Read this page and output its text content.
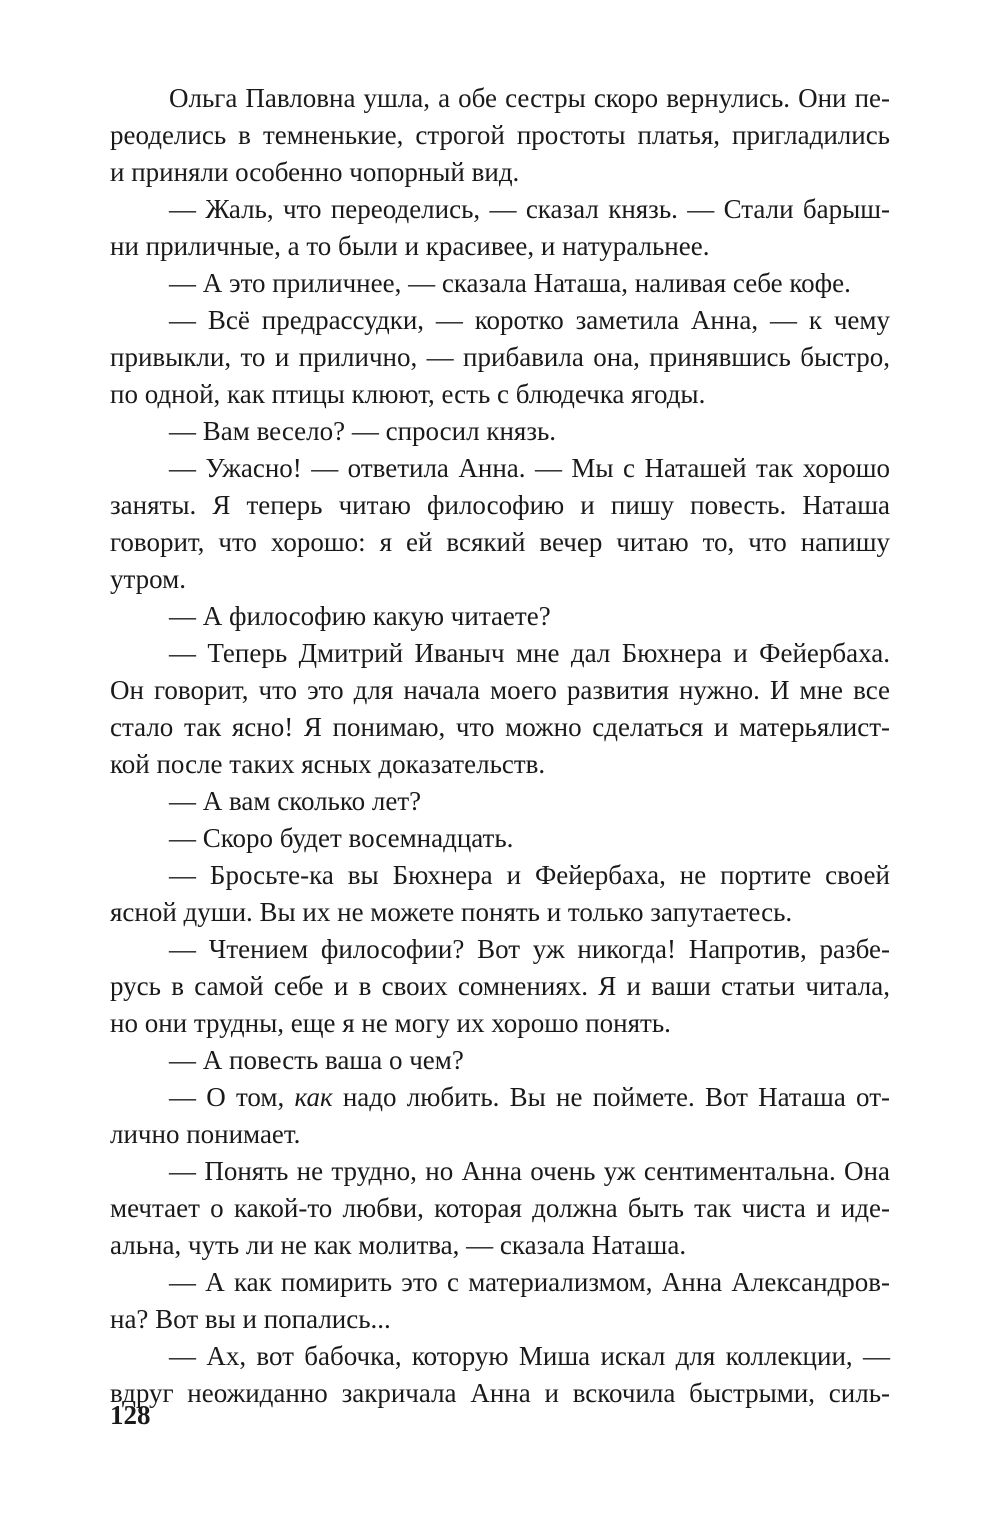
Ольга Павловна ушла, а обе сестры скоро вернулись. Они пе-
реоделись в темненькие, строгой простоты платья, пригладились
и приняли особенно чопорный вид.
— Жаль, что переоделись, — сказал князь. — Стали барыш-
ни приличные, а то были и красивее, и натуральнее.
— А это приличнее, — сказала Наташа, наливая себе кофе.
— Всё предрассудки, — коротко заметила Анна, — к чему
привыкли, то и прилично, — прибавила она, принявшись быстро,
по одной, как птицы клюют, есть с блюдечка ягоды.
— Вам весело? — спросил князь.
— Ужасно! — ответила Анна. — Мы с Наташей так хорошо
заняты. Я теперь читаю философию и пишу повесть. Наташа
говорит, что хорошо: я ей всякий вечер читаю то, что напишу
утром.
— А философию какую читаете?
— Теперь Дмитрий Иваныч мне дал Бюхнера и Фейербаха.
Он говорит, что это для начала моего развития нужно. И мне все
стало так ясно! Я понимаю, что можно сделаться и матерьялист-
кой после таких ясных доказательств.
— А вам сколько лет?
— Скоро будет восемнадцать.
— Бросьте-ка вы Бюхнера и Фейербаха, не портите своей
ясной души. Вы их не можете понять и только запутаетесь.
— Чтением философии? Вот уж никогда! Напротив, разбе-
русь в самой себе и в своих сомнениях. Я и ваши статьи читала,
но они трудны, еще я не могу их хорошо понять.
— А повесть ваша о чем?
— О том, как надо любить. Вы не поймете. Вот Наташа от-
лично понимает.
— Понять не трудно, но Анна очень уж сентиментальна. Она
мечтает о какой-то любви, которая должна быть так чиста и иде-
альна, чуть ли не как молитва, — сказала Наташа.
— А как помирить это с материализмом, Анна Александров-
на? Вот вы и попались...
— Ах, вот бабочка, которую Миша искал для коллекции, —
вдруг неожиданно закричала Анна и вскочила быстрыми, силь-
128
